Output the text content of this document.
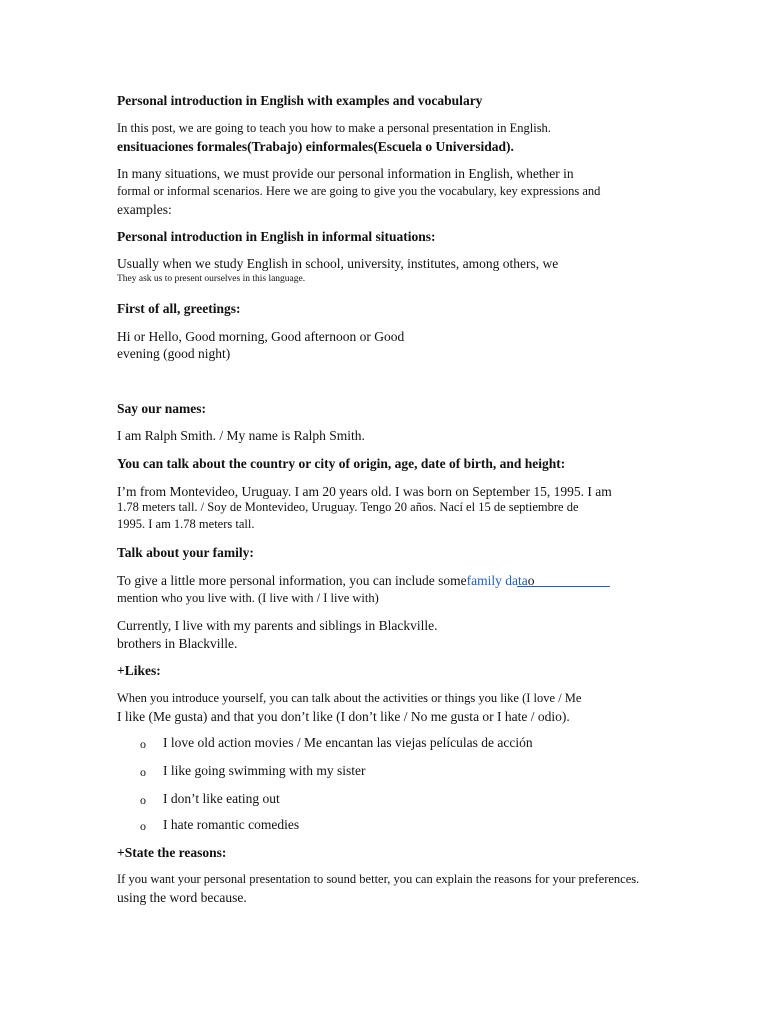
Personal introduction in English with examples and vocabulary
In this post, we are going to teach you how to make a personal presentation in English.
ensituaciones formales(Trabajo) einformales(Escuela o Universidad).
In many situations, we must provide our personal information in English, whether in
formal or informal scenarios. Here we are going to give you the vocabulary, key expressions and
examples:
Personal introduction in English in informal situations:
Usually when we study English in school, university, institutes, among others, we
They ask us to present ourselves in this language.
First of all, greetings:
Hi or Hello, Good morning, Good afternoon or Good
evening (good night)
Say our names:
I am Ralph Smith. / My name is Ralph Smith.
You can talk about the country or city of origin, age, date of birth, and height:
I’m from Montevideo, Uruguay. I am 20 years old. I was born on September 15, 1995. I am
1.78 meters tall. / Soy de Montevideo, Uruguay. Tengo 20 años. Nací el 15 de septiembre de
1995. I am 1.78 meters tall.
Talk about your family:
To give a little more personal information, you can include somefamily datao
mention who you live with. (I live with / I live with)
Currently, I live with my parents and siblings in Blackville.
brothers in Blackville.
+Likes:
When you introduce yourself, you can talk about the activities or things you like (I love / Me
I like (Me gusta) and that you don’t like (I don’t like / No me gusta or I hate / odio).
o I love old action movies / Me encantan las viejas películas de acción
o I like going swimming with my sister
o I don’t like eating out
o I hate romantic comedies
+State the reasons:
If you want your personal presentation to sound better, you can explain the reasons for your preferences.
using the word because.
